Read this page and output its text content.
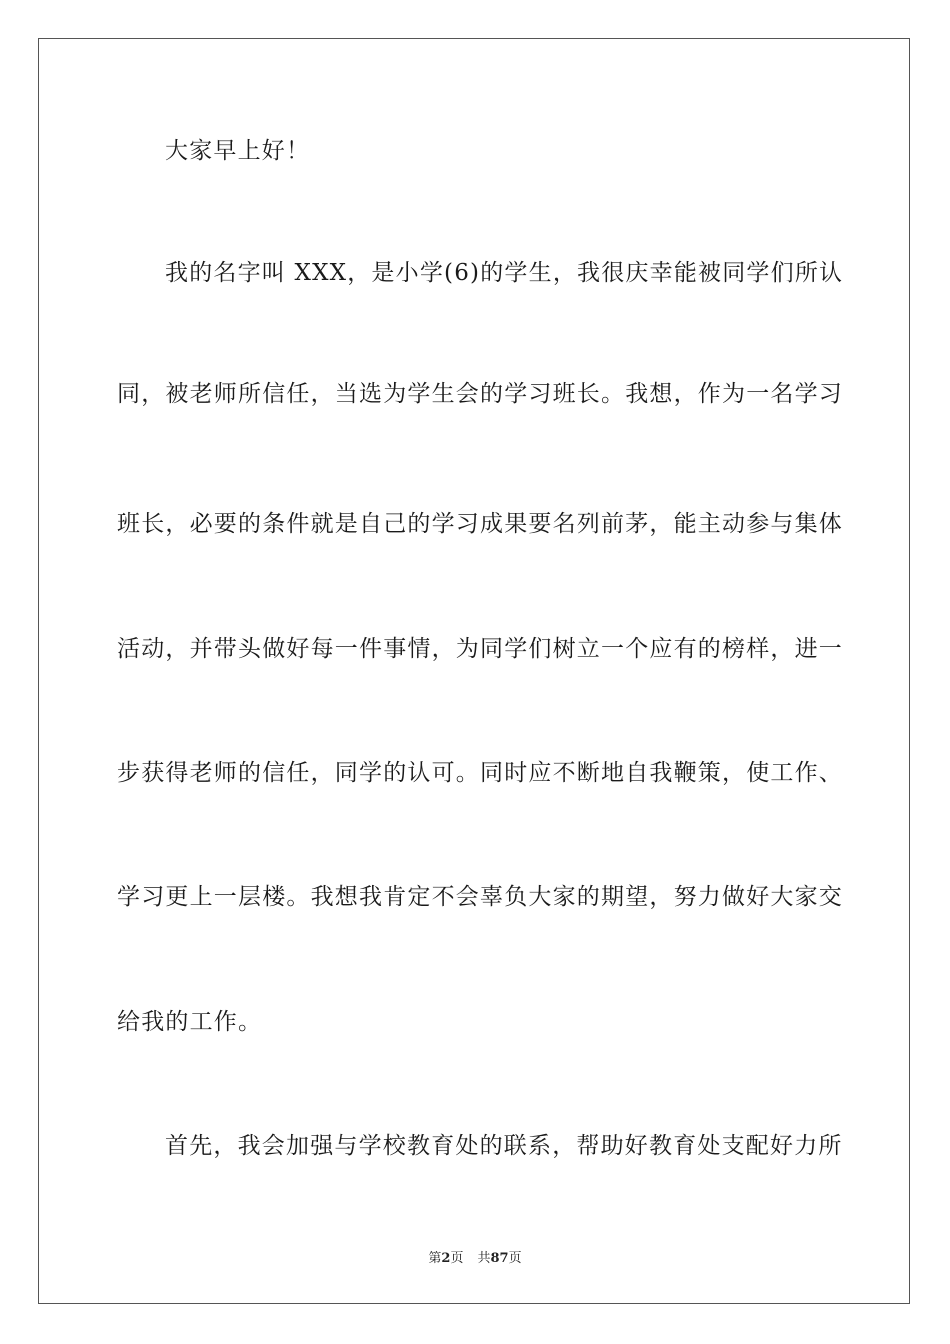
大家早上好！

我的名字叫 XXX，是小学(6)的学生，我很庆幸能被同学们所认

同，被老师所信任，当选为学生会的学习班长。我想，作为一名学习

班长，必要的条件就是自己的学习成果要名列前茅，能主动参与集体

活动，并带头做好每一件事情，为同学们树立一个应有的榜样，进一

步获得老师的信任，同学的认可。同时应不断地自我鞭策，使工作、

学习更上一层楼。我想我肯定不会辜负大家的期望，努力做好大家交

给我的工作。

首先，我会加强与学校教育处的联系，帮助好教育处支配好力所

第2页 共87页
